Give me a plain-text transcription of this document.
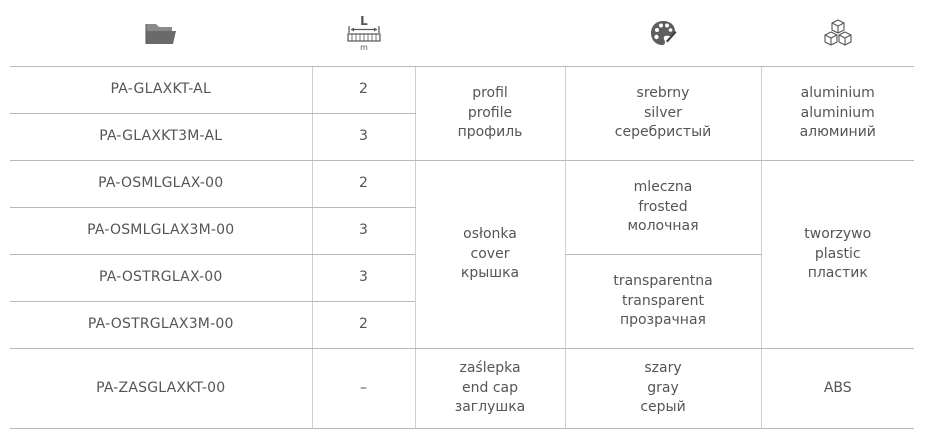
L
m
PA-GLAXKT-AL	2	profil
profile
профиль	srebrny
silver
серебристый	aluminium
aluminium
алюминий

PA-GLAXKT3M-AL	3			
PA-OSMLGLAX-00	2	osłonka
cover
крышка	mleczna
frosted
молочная	tworzywo
plastic
пластик

PA-OSMLGLAX3M-00	3			
PA-OSTRGLAX-00	3		transparentna
transparent
прозрачная	

PA-OSTRGLAX3M-00	2			
PA-ZASGLAXKT-00	–	zaślepka
end cap
заглушка	szary
gray
серый	ABS
